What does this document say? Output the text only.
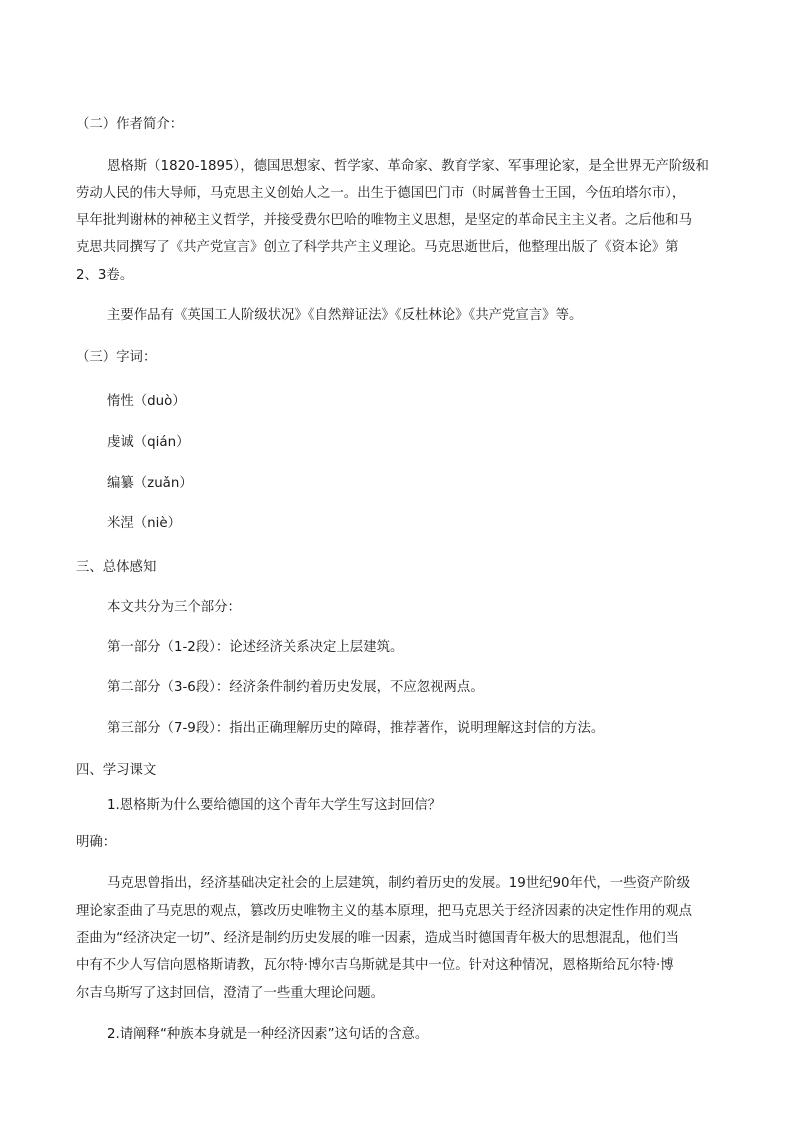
（二）作者简介：

恩格斯（1820-1895），德国思想家、哲学家、革命家、教育学家、军事理论家，是全世界无产阶级和

劳动人民的伟大导师，马克思主义创始人之一。出生于德国巴门市（时属普鲁士王国，今伍珀塔尔市），

早年批判谢林的神秘主义哲学，并接受费尔巴哈的唯物主义思想，是坚定的革命民主主义者。之后他和马

克思共同撰写了《共产党宣言》创立了科学共产主义理论。马克思逝世后，他整理出版了《资本论》第

2、3卷。

主要作品有《英国工人阶级状况》《自然辩证法》《反杜林论》《共产党宣言》等。

（三）字词：

惰性（duò）

虔诚（qián）

编纂（zuǎn）

米涅（niè）

三、总体感知

本文共分为三个部分：

第一部分（1-2段）：论述经济关系决定上层建筑。

第二部分（3-6段）：经济条件制约着历史发展，不应忽视两点。

第三部分（7-9段）：指出正确理解历史的障碍，推荐著作，说明理解这封信的方法。

四、学习课文

1.恩格斯为什么要给德国的这个青年大学生写这封回信？

明确：

马克思曾指出，经济基础决定社会的上层建筑，制约着历史的发展。19世纪90年代，一些资产阶级

理论家歪曲了马克思的观点，篡改历史唯物主义的基本原理，把马克思关于经济因素的决定性作用的观点

歪曲为“经济决定一切”、经济是制约历史发展的唯一因素，造成当时德国青年极大的思想混乱，他们当

中有不少人写信向恩格斯请教，瓦尔特·博尔吉乌斯就是其中一位。针对这种情况，恩格斯给瓦尔特·博

尔吉乌斯写了这封回信，澄清了一些重大理论问题。

2.请阐释“种族本身就是一种经济因素”这句话的含意。
